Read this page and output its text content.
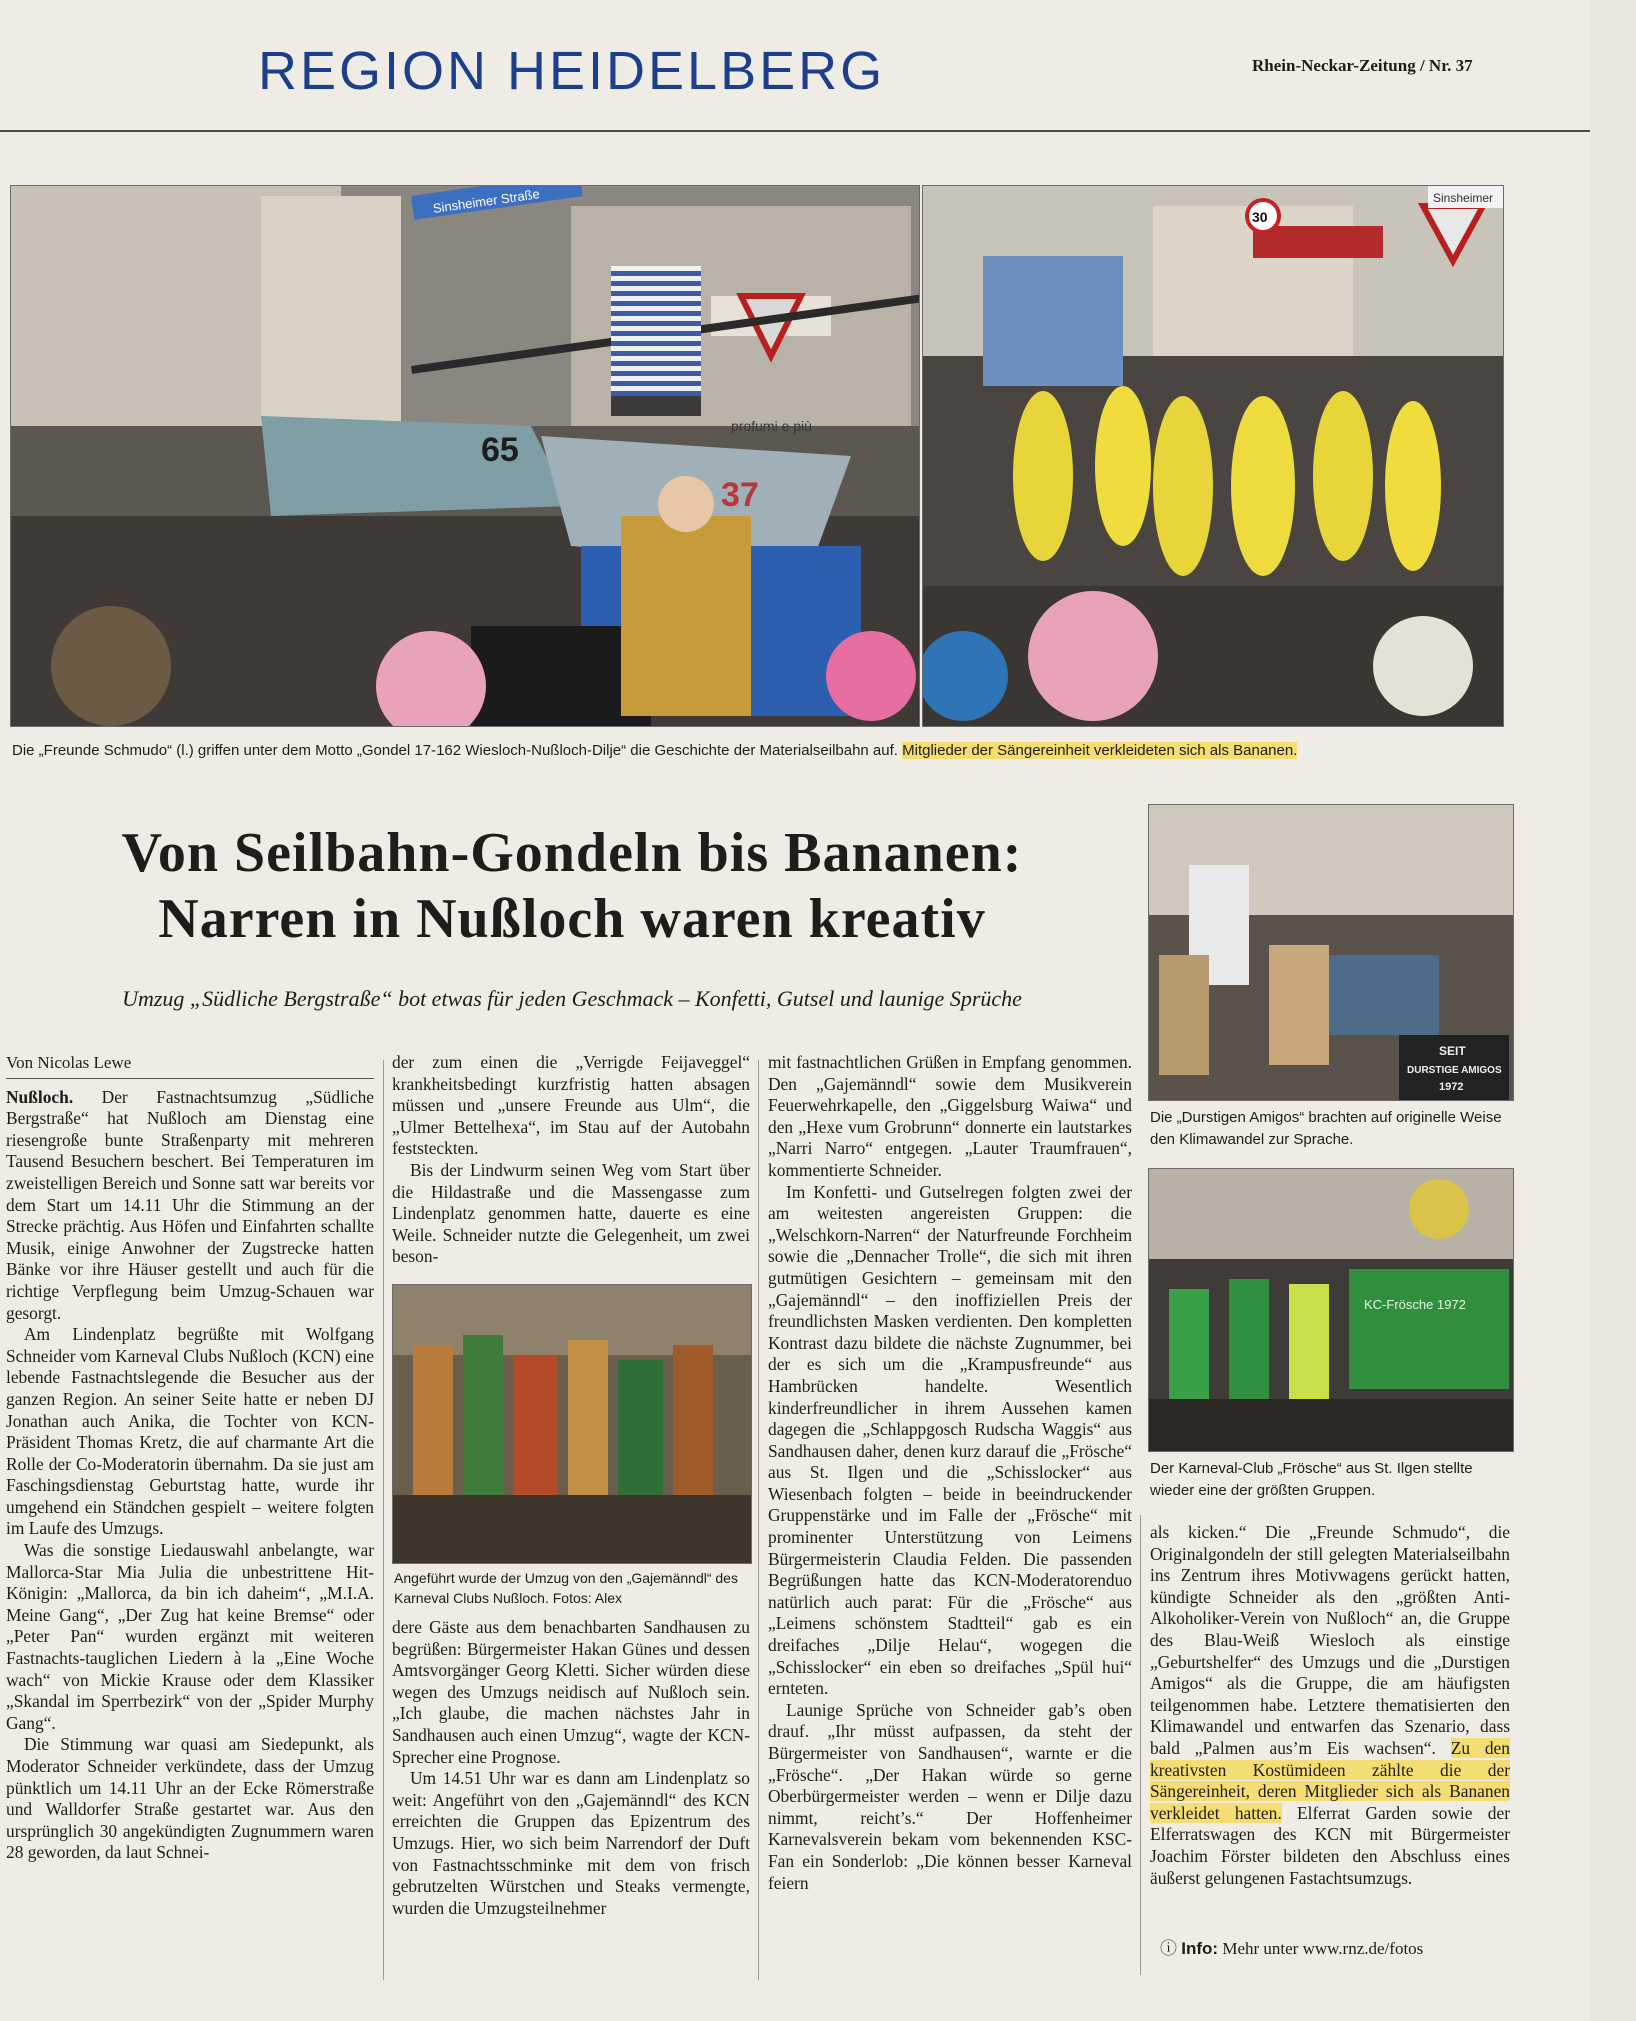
REGION HEIDELBERG	Rhein-Neckar-Zeitung / Nr. 37
Sinsheimer Straße
profumi e più
65
37
Sinsheimer
30
Die „Freunde Schmudo“ (l.) griffen unter dem Motto „Gondel 17-162 Wiesloch-Nußloch-Dilje“ die Geschichte der Materialseilbahn auf. Mitglieder der Sängereinheit verkleideten sich als Bananen.
Von Seilbahn-Gondeln bis Bananen:
Narren in Nußloch waren kreativ
Umzug „Südliche Bergstraße“ bot etwas für jeden Geschmack – Konfetti, Gutsel und launige Sprüche
SEIT
DURSTIGE AMIGOS
1972
Die „Durstigen Amigos“ brachten auf originelle Weise den Klimawandel zur Sprache.
KC-Frösche 1972
Der Karneval-Club „Frösche“ aus St. Ilgen stellte wieder eine der größten Gruppen.
Von Nicolas Lewe

Nußloch. Der Fastnachtsumzug „Südliche Bergstraße“ hat Nußloch am Dienstag eine riesengroße bunte Straßenparty mit mehreren Tausend Besuchern beschert. Bei Temperaturen im zweistelligen Bereich und Sonne satt war bereits vor dem Start um 14.11 Uhr die Stimmung an der Strecke prächtig. Aus Höfen und Einfahrten schallte Musik, einige Anwohner der Zugstrecke hatten Bänke vor ihre Häuser gestellt und auch für die richtige Verpflegung beim Umzug-Schauen war gesorgt.

Am Lindenplatz begrüßte mit Wolfgang Schneider vom Karneval Clubs Nußloch (KCN) eine lebende Fastnachtslegende die Besucher aus der ganzen Region. An seiner Seite hatte er neben DJ Jonathan auch Anika, die Tochter von KCN-Präsident Thomas Kretz, die auf charmante Art die Rolle der Co-Moderatorin übernahm. Da sie just am Faschingsdienstag Geburtstag hatte, wurde ihr umgehend ein Ständchen gespielt – weitere folgten im Laufe des Umzugs.

Was die sonstige Liedauswahl anbelangte, war Mallorca-Star Mia Julia die unbestrittene Hit-Königin: „Mallorca, da bin ich daheim“, „M.I.A. Meine Gang“, „Der Zug hat keine Bremse“ oder „Peter Pan“ wurden ergänzt mit weiteren Fastnachts-tauglichen Liedern à la „Eine Woche wach“ von Mickie Krause oder dem Klassiker „Skandal im Sperrbezirk“ von der „Spider Murphy Gang“.

Die Stimmung war quasi am Siedepunkt, als Moderator Schneider verkündete, dass der Umzug pünktlich um 14.11 Uhr an der Ecke Römerstraße und Walldorfer Straße gestartet war. Aus den ursprünglich 30 angekündigten Zugnummern waren 28 geworden, da laut Schnei-

der zum einen die „Verrigde Feijaveggel“ krankheitsbedingt kurzfristig hatten absagen müssen und „unsere Freunde aus Ulm“, die „Ulmer Bettelhexa“, im Stau auf der Autobahn feststeckten.

Bis der Lindwurm seinen Weg vom Start über die Hildastraße und die Massengasse zum Lindenplatz genommen hatte, dauerte es eine Weile. Schneider nutzte die Gelegenheit, um zwei beson-

Angeführt wurde der Umzug von den „Gajemänndl“ des Karneval Clubs Nußloch. Fotos: Alex

dere Gäste aus dem benachbarten Sandhausen zu begrüßen: Bürgermeister Hakan Günes und dessen Amtsvorgänger Georg Kletti. Sicher würden diese wegen des Umzugs neidisch auf Nußloch sein. „Ich glaube, die machen nächstes Jahr in Sandhausen auch einen Umzug“, wagte der KCN-Sprecher eine Prognose.

Um 14.51 Uhr war es dann am Lindenplatz so weit: Angeführt von den „Gajemänndl“ des KCN erreichten die Gruppen das Epizentrum des Umzugs. Hier, wo sich beim Narrendorf der Duft von Fastnachtsschminke mit dem von frisch gebrutzelten Würstchen und Steaks vermengte, wurden die Umzugsteilnehmer

mit fastnachtlichen Grüßen in Empfang genommen. Den „Gajemänndl“ sowie dem Musikverein Feuerwehrkapelle, den „Giggelsburg Waiwa“ und den „Hexe vum Grobrunn“ donnerte ein lautstarkes „Narri Narro“ entgegen. „Lauter Traumfrauen“, kommentierte Schneider.

Im Konfetti- und Gutselregen folgten zwei der am weitesten angereisten Gruppen: die „Welschkorn-Narren“ der Naturfreunde Forchheim sowie die „Dennacher Trolle“, die sich mit ihren gutmütigen Gesichtern – gemeinsam mit den „Gajemänndl“ – den inoffiziellen Preis der freundlichsten Masken verdienten. Den kompletten Kontrast dazu bildete die nächste Zugnummer, bei der es sich um die „Krampusfreunde“ aus Hambrücken handelte. Wesentlich kinderfreundlicher in ihrem Aussehen kamen dagegen die „Schlappgosch Rudscha Waggis“ aus Sandhausen daher, denen kurz darauf die „Frösche“ aus St. Ilgen und die „Schisslocker“ aus Wiesenbach folgten – beide in beeindruckender Gruppenstärke und im Falle der „Frösche“ mit prominenter Unterstützung von Leimens Bürgermeisterin Claudia Felden. Die passenden Begrüßungen hatte das KCN-Moderatorenduo natürlich auch parat: Für die „Frösche“ aus „Leimens schönstem Stadtteil“ gab es ein dreifaches „Dilje Helau“, wogegen die „Schisslocker“ ein eben so dreifaches „Spül hui“ ernteten.

Launige Sprüche von Schneider gab’s oben drauf. „Ihr müsst aufpassen, da steht der Bürgermeister von Sandhausen“, warnte er die „Frösche“. „Der Hakan würde so gerne Oberbürgermeister werden – wenn er Dilje dazu nimmt, reicht’s.“ Der Hoffenheimer Karnevalsverein bekam vom bekennenden KSC-Fan ein Sonderlob: „Die können besser Karneval feiern

als kicken.“ Die „Freunde Schmudo“, die Originalgondeln der still gelegten Materialseilbahn ins Zentrum ihres Motivwagens gerückt hatten, kündigte Schneider als den „größten Anti-Alkoholiker-Verein von Nußloch“ an, die Gruppe des Blau-Weiß Wiesloch als einstige „Geburtshelfer“ des Umzugs und die „Durstigen Amigos“ als die Gruppe, die am häufigsten teilgenommen habe. Letztere thematisierten den Klimawandel und entwarfen das Szenario, dass bald „Palmen aus’m Eis wachsen“. Zu den kreativsten Kostümideen zählte die der Sängereinheit, deren Mitglieder sich als Bananen verkleidet hatten. Elferrat Garden sowie der Elferratswagen des KCN mit Bürgermeister Joachim Förster bildeten den Abschluss eines äußerst gelungenen Fastachtsumzugs.

ⓘ Info: Mehr unter www.rnz.de/fotos
